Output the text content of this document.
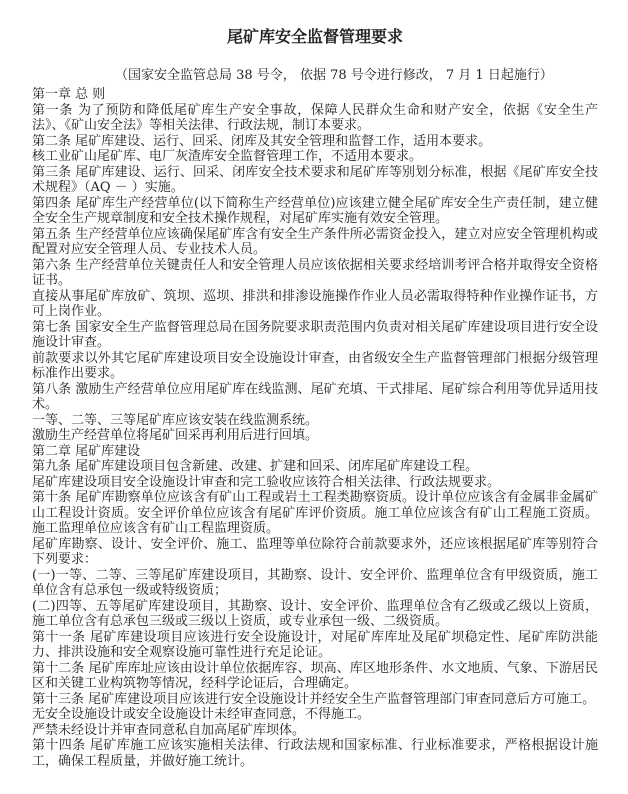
尾矿库安全监督管理要求

（国家安全监管总局 38 号令， 依据 78 号令进行修改， 7 月 1 日起施行）

第一章 总 则

第一条 为了预防和降低尾矿库生产安全事故，保障人民群众生命和财产安全，依据《安全生产法》、《矿山安全法》等相关法律、行政法规，制订本要求。

第二条 尾矿库建设、运行、回采、闭库及其安全管理和监督工作，适用本要求。

核工业矿山尾矿库、电厂灰渣库安全监督管理工作，不适用本要求。

第三条 尾矿库建设、运行、回采、闭库安全技术要求和尾矿库等别划分标准，根据《尾矿库安全技术规程》（AQ － ）实施。

第四条 尾矿库生产经营单位(以下简称生产经营单位)应该建立健全尾矿库安全生产责任制，建立健全安全生产规章制度和安全技术操作规程，对尾矿库实施有效安全管理。

第五条 生产经营单位应该确保尾矿库含有安全生产条件所必需资金投入，建立对应安全管理机构或配置对应安全管理人员、专业技术人员。

第六条 生产经营单位关键责任人和安全管理人员应该依据相关要求经培训考评合格并取得安全资格证书。

直接从事尾矿库放矿、筑坝、巡坝、排洪和排渗设施操作作业人员必需取得特种作业操作证书，方可上岗作业。

第七条 国家安全生产监督管理总局在国务院要求职责范围内负责对相关尾矿库建设项目进行安全设施设计审查。

前款要求以外其它尾矿库建设项目安全设施设计审查，由省级安全生产监督管理部门根据分级管理标准作出要求。

第八条 激励生产经营单位应用尾矿库在线监测、尾矿充填、干式排尾、尾矿综合利用等优异适用技术。

一等、二等、三等尾矿库应该安装在线监测系统。

激励生产经营单位将尾矿回采再利用后进行回填。

第二章 尾矿库建设

第九条 尾矿库建设项目包含新建、改建、扩建和回采、闭库尾矿库建设工程。

尾矿库建设项目安全设施设计审查和完工验收应该符合相关法律、行政法规要求。

第十条 尾矿库勘察单位应该含有矿山工程或岩土工程类勘察资质。设计单位应该含有金属非金属矿山工程设计资质。安全评价单位应该含有尾矿库评价资质。施工单位应该含有矿山工程施工资质。施工监理单位应该含有矿山工程监理资质。

尾矿库勘察、设计、安全评价、施工、监理等单位除符合前款要求外，还应该根据尾矿库等别符合下列要求：

(一)一等、二等、三等尾矿库建设项目，其勘察、设计、安全评价、监理单位含有甲级资质，施工单位含有总承包一级或特级资质；

(二)四等、五等尾矿库建设项目，其勘察、设计、安全评价、监理单位含有乙级或乙级以上资质，施工单位含有总承包三级或三级以上资质，或专业承包一级、二级资质。

第十一条 尾矿库建设项目应该进行安全设施设计，对尾矿库库址及尾矿坝稳定性、尾矿库防洪能力、排洪设施和安全观察设施可靠性进行充足论证。

第十二条 尾矿库库址应该由设计单位依据库容、坝高、库区地形条件、水文地质、气象、下游居民区和关键工业构筑物等情况，经科学论证后，合理确定。

第十三条 尾矿库建设项目应该进行安全设施设计并经安全生产监督管理部门审查同意后方可施工。

无安全设施设计或安全设施设计未经审查同意，不得施工。

严禁未经设计并审查同意私自加高尾矿库坝体。

第十四条 尾矿库施工应该实施相关法律、行政法规和国家标准、行业标准要求，严格根据设计施工，确保工程质量，并做好施工统计。
